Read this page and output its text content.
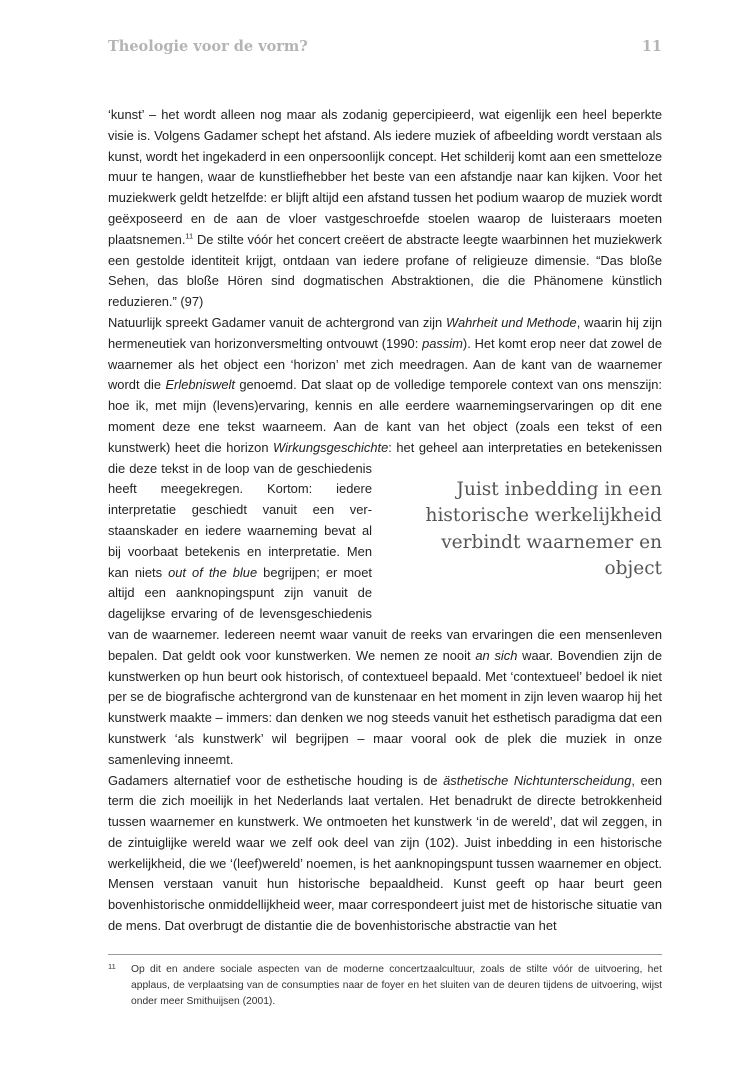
Theologie voor de vorm?	11

‘kunst’ – het wordt alleen nog maar als zodanig gepercipieerd, wat eigenlijk een heel beperkte visie is. Volgens Gadamer schept het afstand. Als iedere muziek of afbeelding wordt verstaan als kunst, wordt het ingekaderd in een onpersoonlijk concept. Het schilderij komt aan een smetteloze muur te hangen, waar de kunstliefhebber het beste van een afstandje naar kan kijken. Voor het muziekwerk geldt hetzelfde: er blijft altijd een afstand tussen het podium waarop de muziek wordt geëxposeerd en de aan de vloer vastgeschroefde stoelen waarop de luisteraars moeten plaatsnemen.$^{11}$ De stilte vóór het concert creëert de abstracte leegte waarbinnen het muziekwerk een gestolde identiteit krijgt, ontdaan van iedere profane of religieuze dimensie. “Das bloße Sehen, das bloße Hören sind dogmatischen Abstraktionen, die die Phänomene künstlich reduzieren.” (97)

Natuurlijk spreekt Gadamer vanuit de achtergrond van zijn Wahrheit und Methode, waarin hij zijn hermeneutiek van horizonversmelting ontvouwt (1990: passim). Het komt erop neer dat zowel de waarnemer als het object een ‘horizon’ met zich meedragen. Aan de kant van de waarnemer wordt die Erlebniswelt genoemd. Dat slaat op de volledige temporele context van ons menszijn: hoe ik, met mijn (levens)ervaring, kennis en alle eerdere waarnemingservaringen op dit ene moment deze ene tekst waarneem. Aan de kant van het object (zoals een tekst of een kunstwerk) heet die horizon Wirkungsgeschichte
Juist inbedding in een
historische werkelijkheid
verbindt waarnemer en object
: het geheel aan interpretaties en betekenissen die deze tekst in de loop van de geschiedenis heeft meegekregen. Kortom: iedere interpretatie geschiedt vanuit een verstaanskader en iedere waarneming bevat al bij voorbaat betekenis en interpretatie. Men kan niets out of the blue begrijpen; er moet altijd een aanknopingspunt zijn vanuit de dagelijkse ervaring of de levensgeschiedenis van de waarnemer. Iedereen neemt waar vanuit de reeks van ervaringen die een mensenleven bepalen. Dat geldt ook voor kunstwerken. We nemen ze nooit an sich waar. Bovendien zijn de kunstwerken op hun beurt ook historisch, of contextueel bepaald. Met ‘contextueel’ bedoel ik niet per se de biografische achtergrond van de kunstenaar en het moment in zijn leven waarop hij het kunstwerk maakte – immers: dan denken we nog steeds vanuit het esthetisch paradigma dat een kunstwerk ‘als kunstwerk’ wil begrijpen – maar vooral ook de plek die muziek in onze samenleving inneemt.

Gadamers alternatief voor de esthetische houding is de ästhetische Nichtunterscheidung, een term die zich moeilijk in het Nederlands laat vertalen. Het benadrukt de directe betrokkenheid tussen waarnemer en kunstwerk. We ontmoeten het kunstwerk ‘in de wereld’, dat wil zeggen, in de zintuiglijke wereld waar we zelf ook deel van zijn (102). Juist inbedding in een historische werkelijkheid, die we ‘(leef)wereld’ noemen, is het aanknopingspunt tussen waarnemer en object. Mensen verstaan vanuit hun historische bepaaldheid. Kunst geeft op haar beurt geen bovenhistorische onmiddellijkheid weer, maar correspondeert juist met de historische situatie van de mens. Dat overbrugt de distantie die de bovenhistorische abstractie van het

11 Op dit en andere sociale aspecten van de moderne concertzaalcultuur, zoals de stilte vóór de uitvoering, het applaus, de verplaatsing van de consumpties naar de foyer en het sluiten van de deuren tijdens de uitvoering, wijst onder meer Smithuijsen (2001).
